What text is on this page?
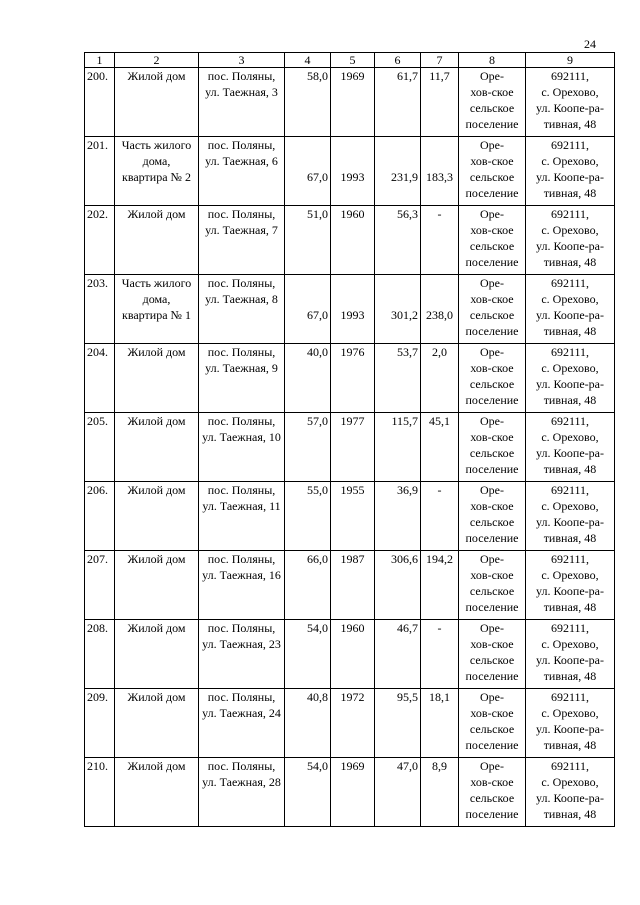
24
1	2	3	4	5	6	7	8	9

200.	Жилой дом	пос. Поляны,
ул. Таежная, 3	58,0	1969	61,7	11,7	Оре-
хов-ское
сельское
поселение	692111,
с. Орехово,
ул. Коопе-ра-
тивная, 48

201.	Часть жилого
дома,
квартира № 2	пос. Поляны,
ул. Таежная, 6	67,0	1993	231,9	183,3	Оре-
хов-ское
сельское
поселение	692111,
с. Орехово,
ул. Коопе-ра-
тивная, 48

202.	Жилой дом	пос. Поляны,
ул. Таежная, 7	51,0	1960	56,3	-	Оре-
хов-ское
сельское
поселение	692111,
с. Орехово,
ул. Коопе-ра-
тивная, 48

203.	Часть жилого
дома,
квартира № 1	пос. Поляны,
ул. Таежная, 8	67,0	1993	301,2	238,0	Оре-
хов-ское
сельское
поселение	692111,
с. Орехово,
ул. Коопе-ра-
тивная, 48

204.	Жилой дом	пос. Поляны,
ул. Таежная, 9	40,0	1976	53,7	2,0	Оре-
хов-ское
сельское
поселение	692111,
с. Орехово,
ул. Коопе-ра-
тивная, 48

205.	Жилой дом	пос. Поляны,
ул. Таежная, 10	57,0	1977	115,7	45,1	Оре-
хов-ское
сельское
поселение	692111,
с. Орехово,
ул. Коопе-ра-
тивная, 48

206.	Жилой дом	пос. Поляны,
ул. Таежная, 11	55,0	1955	36,9	-	Оре-
хов-ское
сельское
поселение	692111,
с. Орехово,
ул. Коопе-ра-
тивная, 48

207.	Жилой дом	пос. Поляны,
ул. Таежная, 16	66,0	1987	306,6	194,2	Оре-
хов-ское
сельское
поселение	692111,
с. Орехово,
ул. Коопе-ра-
тивная, 48

208.	Жилой дом	пос. Поляны,
ул. Таежная, 23	54,0	1960	46,7	-	Оре-
хов-ское
сельское
поселение	692111,
с. Орехово,
ул. Коопе-ра-
тивная, 48

209.	Жилой дом	пос. Поляны,
ул. Таежная, 24	40,8	1972	95,5	18,1	Оре-
хов-ское
сельское
поселение	692111,
с. Орехово,
ул. Коопе-ра-
тивная, 48

210.	Жилой дом	пос. Поляны,
ул. Таежная, 28	54,0	1969	47,0	8,9	Оре-
хов-ское
сельское
поселение	692111,
с. Орехово,
ул. Коопе-ра-
тивная, 48
